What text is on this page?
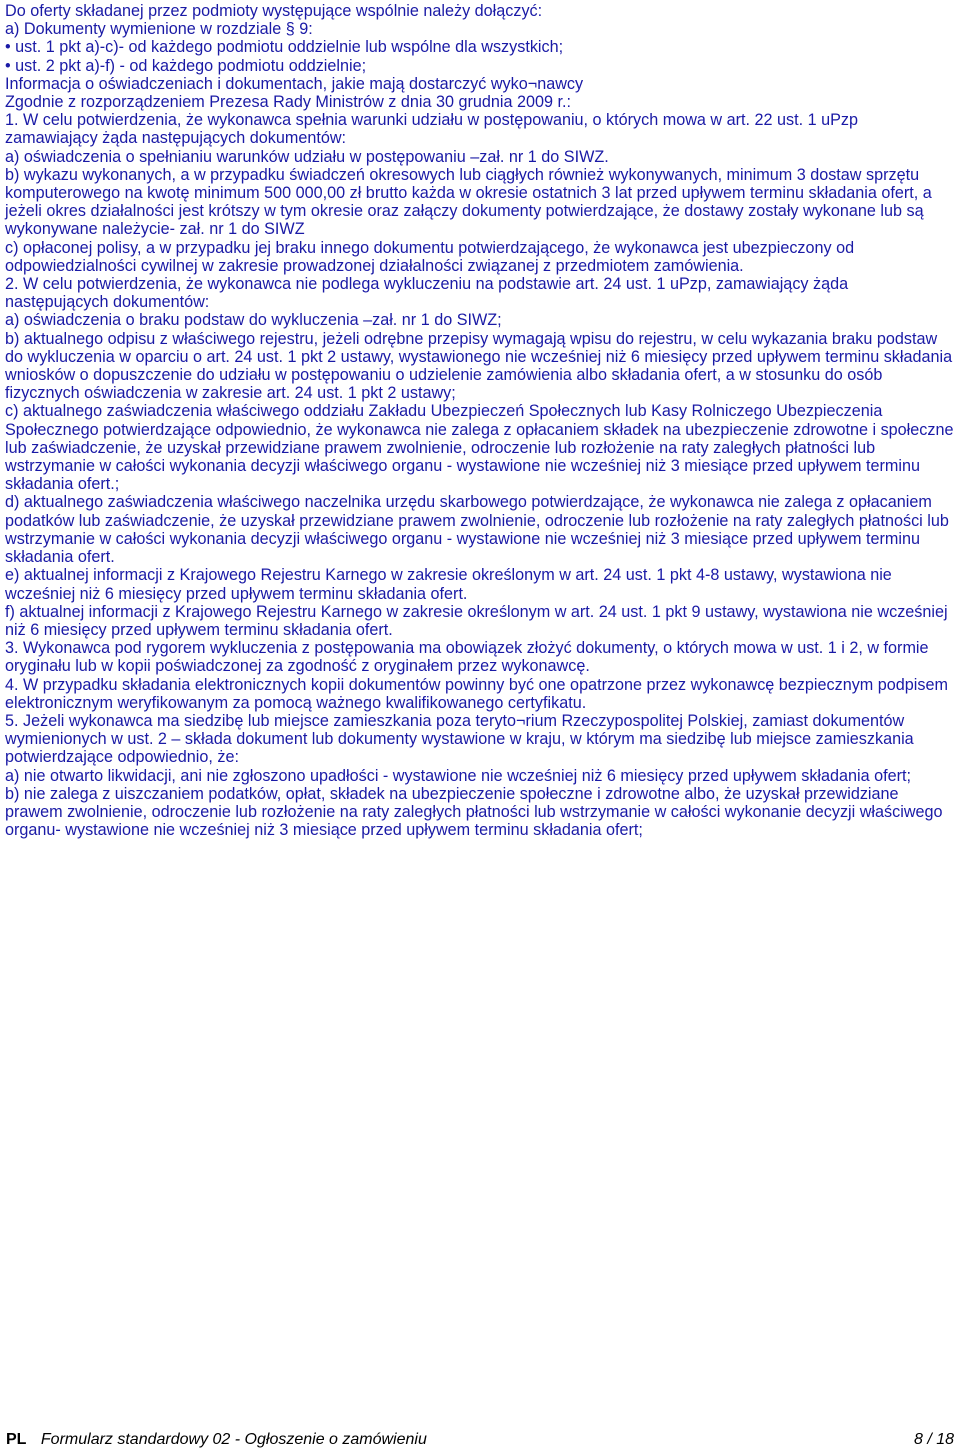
Do oferty składanej przez podmioty występujące wspólnie należy dołączyć:

a) Dokumenty wymienione w rozdziale § 9:

• ust. 1 pkt a)-c)- od każdego podmiotu oddzielnie lub wspólne dla wszystkich;

• ust. 2 pkt a)-f) - od każdego podmiotu oddzielnie;

Informacja o oświadczeniach i dokumentach, jakie mają dostarczyć wyko¬nawcy

Zgodnie z rozporządzeniem Prezesa Rady Ministrów z dnia 30 grudnia 2009 r.:

1. W celu potwierdzenia, że wykonawca spełnia warunki udziału w postępowaniu, o których mowa w art. 22 ust. 1 uPzp zamawiający żąda następujących dokumentów:

a) oświadczenia o spełnianiu warunków udziału w postępowaniu –zał. nr 1 do SIWZ.

b) wykazu wykonanych, a w przypadku świadczeń okresowych lub ciągłych również wykonywanych, minimum 3 dostaw sprzętu komputerowego na kwotę minimum 500 000,00 zł brutto każda w okresie ostatnich 3 lat przed upływem terminu składania ofert, a jeżeli okres działalności jest krótszy w tym okresie oraz załączy dokumenty potwierdzające, że dostawy zostały wykonane lub są wykonywane należycie- zał. nr 1 do SIWZ

c) opłaconej polisy, a w przypadku jej braku innego dokumentu potwierdzającego, że wykonawca jest ubezpieczony od odpowiedzialności cywilnej w zakresie prowadzonej działalności związanej z przedmiotem zamówienia.

2. W celu potwierdzenia, że wykonawca nie podlega wykluczeniu na podstawie art. 24 ust. 1 uPzp, zamawiający żąda następujących dokumentów:

a) oświadczenia o braku podstaw do wykluczenia –zał. nr 1 do SIWZ;

b) aktualnego odpisu z właściwego rejestru, jeżeli odrębne przepisy wymagają wpisu do rejestru, w celu wykazania braku podstaw do wykluczenia w oparciu o art. 24 ust. 1 pkt 2 ustawy, wystawionego nie wcześniej niż 6 miesięcy przed upływem terminu składania wniosków o dopuszczenie do udziału w postępowaniu o udzielenie zamówienia albo składania ofert, a w stosunku do osób fizycznych oświadczenia w zakresie art. 24 ust. 1 pkt 2 ustawy;

c) aktualnego zaświadczenia właściwego oddziału Zakładu Ubezpieczeń Społecznych lub Kasy Rolniczego Ubezpieczenia Społecznego potwierdzające odpowiednio, że wykonawca nie zalega z opłacaniem składek na ubezpieczenie zdrowotne i społeczne lub zaświadczenie, że uzyskał przewidziane prawem zwolnienie, odroczenie lub rozłożenie na raty zaległych płatności lub wstrzymanie w całości wykonania decyzji właściwego organu - wystawione nie wcześniej niż 3 miesiące przed upływem terminu składania ofert.;

d) aktualnego zaświadczenia właściwego naczelnika urzędu skarbowego potwierdzające, że wykonawca nie zalega z opłacaniem podatków lub zaświadczenie, że uzyskał przewidziane prawem zwolnienie, odroczenie lub rozłożenie na raty zaległych płatności lub wstrzymanie w całości wykonania decyzji właściwego organu - wystawione nie wcześniej niż 3 miesiące przed upływem terminu składania ofert.

e) aktualnej informacji z Krajowego Rejestru Karnego w zakresie określonym w art. 24 ust. 1 pkt 4-8 ustawy, wystawiona nie wcześniej niż 6 miesięcy przed upływem terminu składania ofert.

f) aktualnej informacji z Krajowego Rejestru Karnego w zakresie określonym w art. 24 ust. 1 pkt 9 ustawy, wystawiona nie wcześniej niż 6 miesięcy przed upływem terminu składania ofert.

3. Wykonawca pod rygorem wykluczenia z postępowania ma obowiązek złożyć dokumenty, o których mowa w ust. 1 i 2, w formie oryginału lub w kopii poświadczonej za zgodność z oryginałem przez wykonawcę.

4. W przypadku składania elektronicznych kopii dokumentów powinny być one opatrzone przez wykonawcę bezpiecznym podpisem elektronicznym weryfikowanym za pomocą ważnego kwalifikowanego certyfikatu.

5. Jeżeli wykonawca ma siedzibę lub miejsce zamieszkania poza teryto¬rium Rzeczypospolitej Polskiej, zamiast dokumentów wymienionych w ust. 2 – składa dokument lub dokumenty wystawione w kraju, w którym ma siedzibę lub miejsce zamieszkania potwierdzające odpowiednio, że:

a) nie otwarto likwidacji, ani nie zgłoszono upadłości - wystawione nie wcześniej niż 6 miesięcy przed upływem składania ofert;

b) nie zalega z uiszczaniem podatków, opłat, składek na ubezpieczenie społeczne i zdrowotne albo, że uzyskał przewidziane prawem zwolnienie, odroczenie lub rozłożenie na raty zaległych płatności lub wstrzymanie w całości wykonanie decyzji właściwego organu- wystawione nie wcześniej niż 3 miesiące przed upływem terminu składania ofert;

PL Formularz standardowy 02 - Ogłoszenie o zamówieniu	8 / 18
